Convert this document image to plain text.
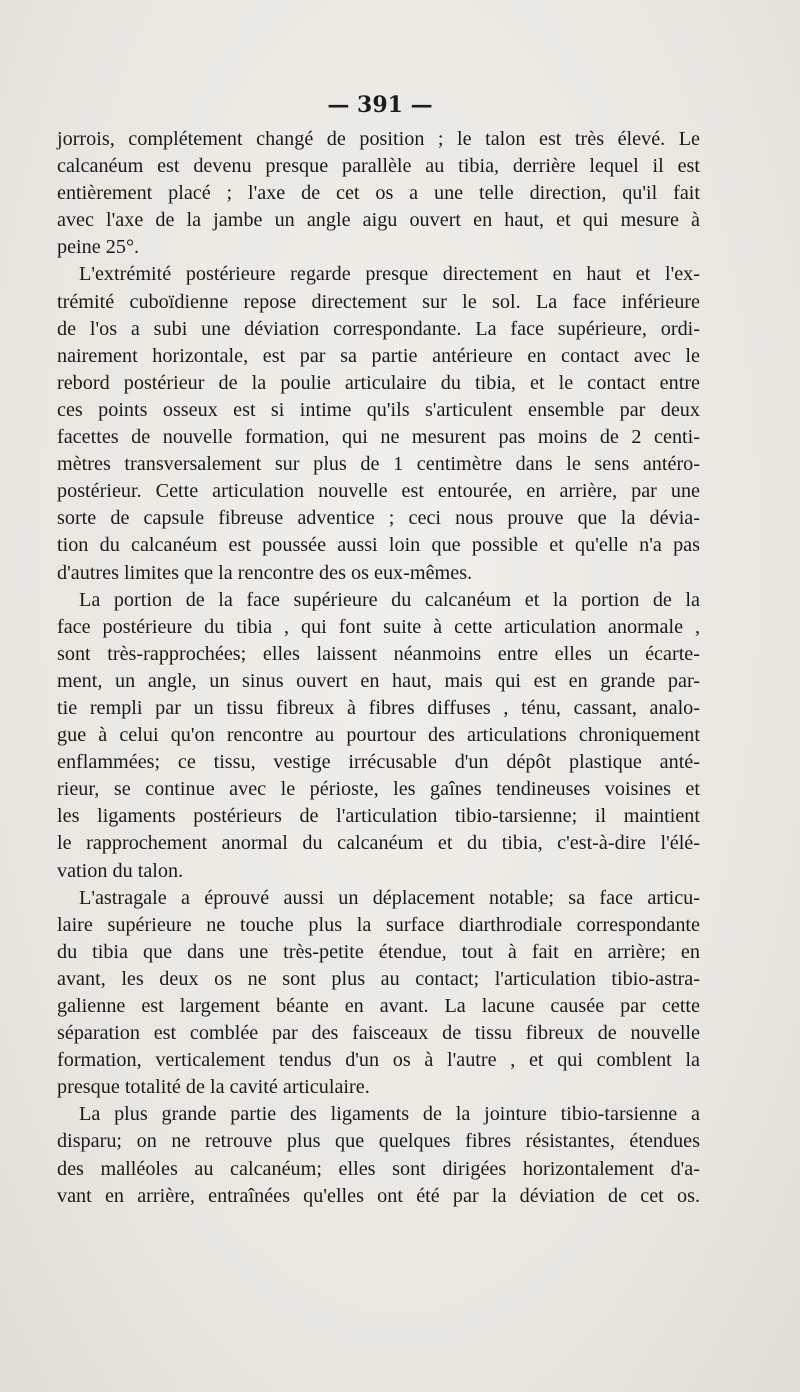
— 391 —
jorrois, complétement changé de position ; le talon est très élevé. Le
calcanéum est devenu presque parallèle au tibia, derrière lequel il est
entièrement placé ; l'axe de cet os a une telle direction, qu'il fait
avec l'axe de la jambe un angle aigu ouvert en haut, et qui mesure à
peine 25°.
L'extrémité postérieure regarde presque directement en haut et l'ex-
trémité cuboïdienne repose directement sur le sol. La face inférieure
de l'os a subi une déviation correspondante. La face supérieure, ordi-
nairement horizontale, est par sa partie antérieure en contact avec le
rebord postérieur de la poulie articulaire du tibia, et le contact entre
ces points osseux est si intime qu'ils s'articulent ensemble par deux
facettes de nouvelle formation, qui ne mesurent pas moins de 2 centi-
mètres transversalement sur plus de 1 centimètre dans le sens antéro-
postérieur. Cette articulation nouvelle est entourée, en arrière, par une
sorte de capsule fibreuse adventice ; ceci nous prouve que la dévia-
tion du calcanéum est poussée aussi loin que possible et qu'elle n'a pas
d'autres limites que la rencontre des os eux-mêmes.
La portion de la face supérieure du calcanéum et la portion de la
face postérieure du tibia , qui font suite à cette articulation anormale ,
sont très-rapprochées; elles laissent néanmoins entre elles un écarte-
ment, un angle, un sinus ouvert en haut, mais qui est en grande par-
tie rempli par un tissu fibreux à fibres diffuses , ténu, cassant, analo-
gue à celui qu'on rencontre au pourtour des articulations chroniquement
enflammées; ce tissu, vestige irrécusable d'un dépôt plastique anté-
rieur, se continue avec le périoste, les gaînes tendineuses voisines et
les ligaments postérieurs de l'articulation tibio-tarsienne; il maintient
le rapprochement anormal du calcanéum et du tibia, c'est-à-dire l'élé-
vation du talon.
L'astragale a éprouvé aussi un déplacement notable; sa face articu-
laire supérieure ne touche plus la surface diarthrodiale correspondante
du tibia que dans une très-petite étendue, tout à fait en arrière; en
avant, les deux os ne sont plus au contact; l'articulation tibio-astra-
galienne est largement béante en avant. La lacune causée par cette
séparation est comblée par des faisceaux de tissu fibreux de nouvelle
formation, verticalement tendus d'un os à l'autre , et qui comblent la
presque totalité de la cavité articulaire.
La plus grande partie des ligaments de la jointure tibio-tarsienne a
disparu; on ne retrouve plus que quelques fibres résistantes, étendues
des malléoles au calcanéum; elles sont dirigées horizontalement d'a-
vant en arrière, entraînées qu'elles ont été par la déviation de cet os.
